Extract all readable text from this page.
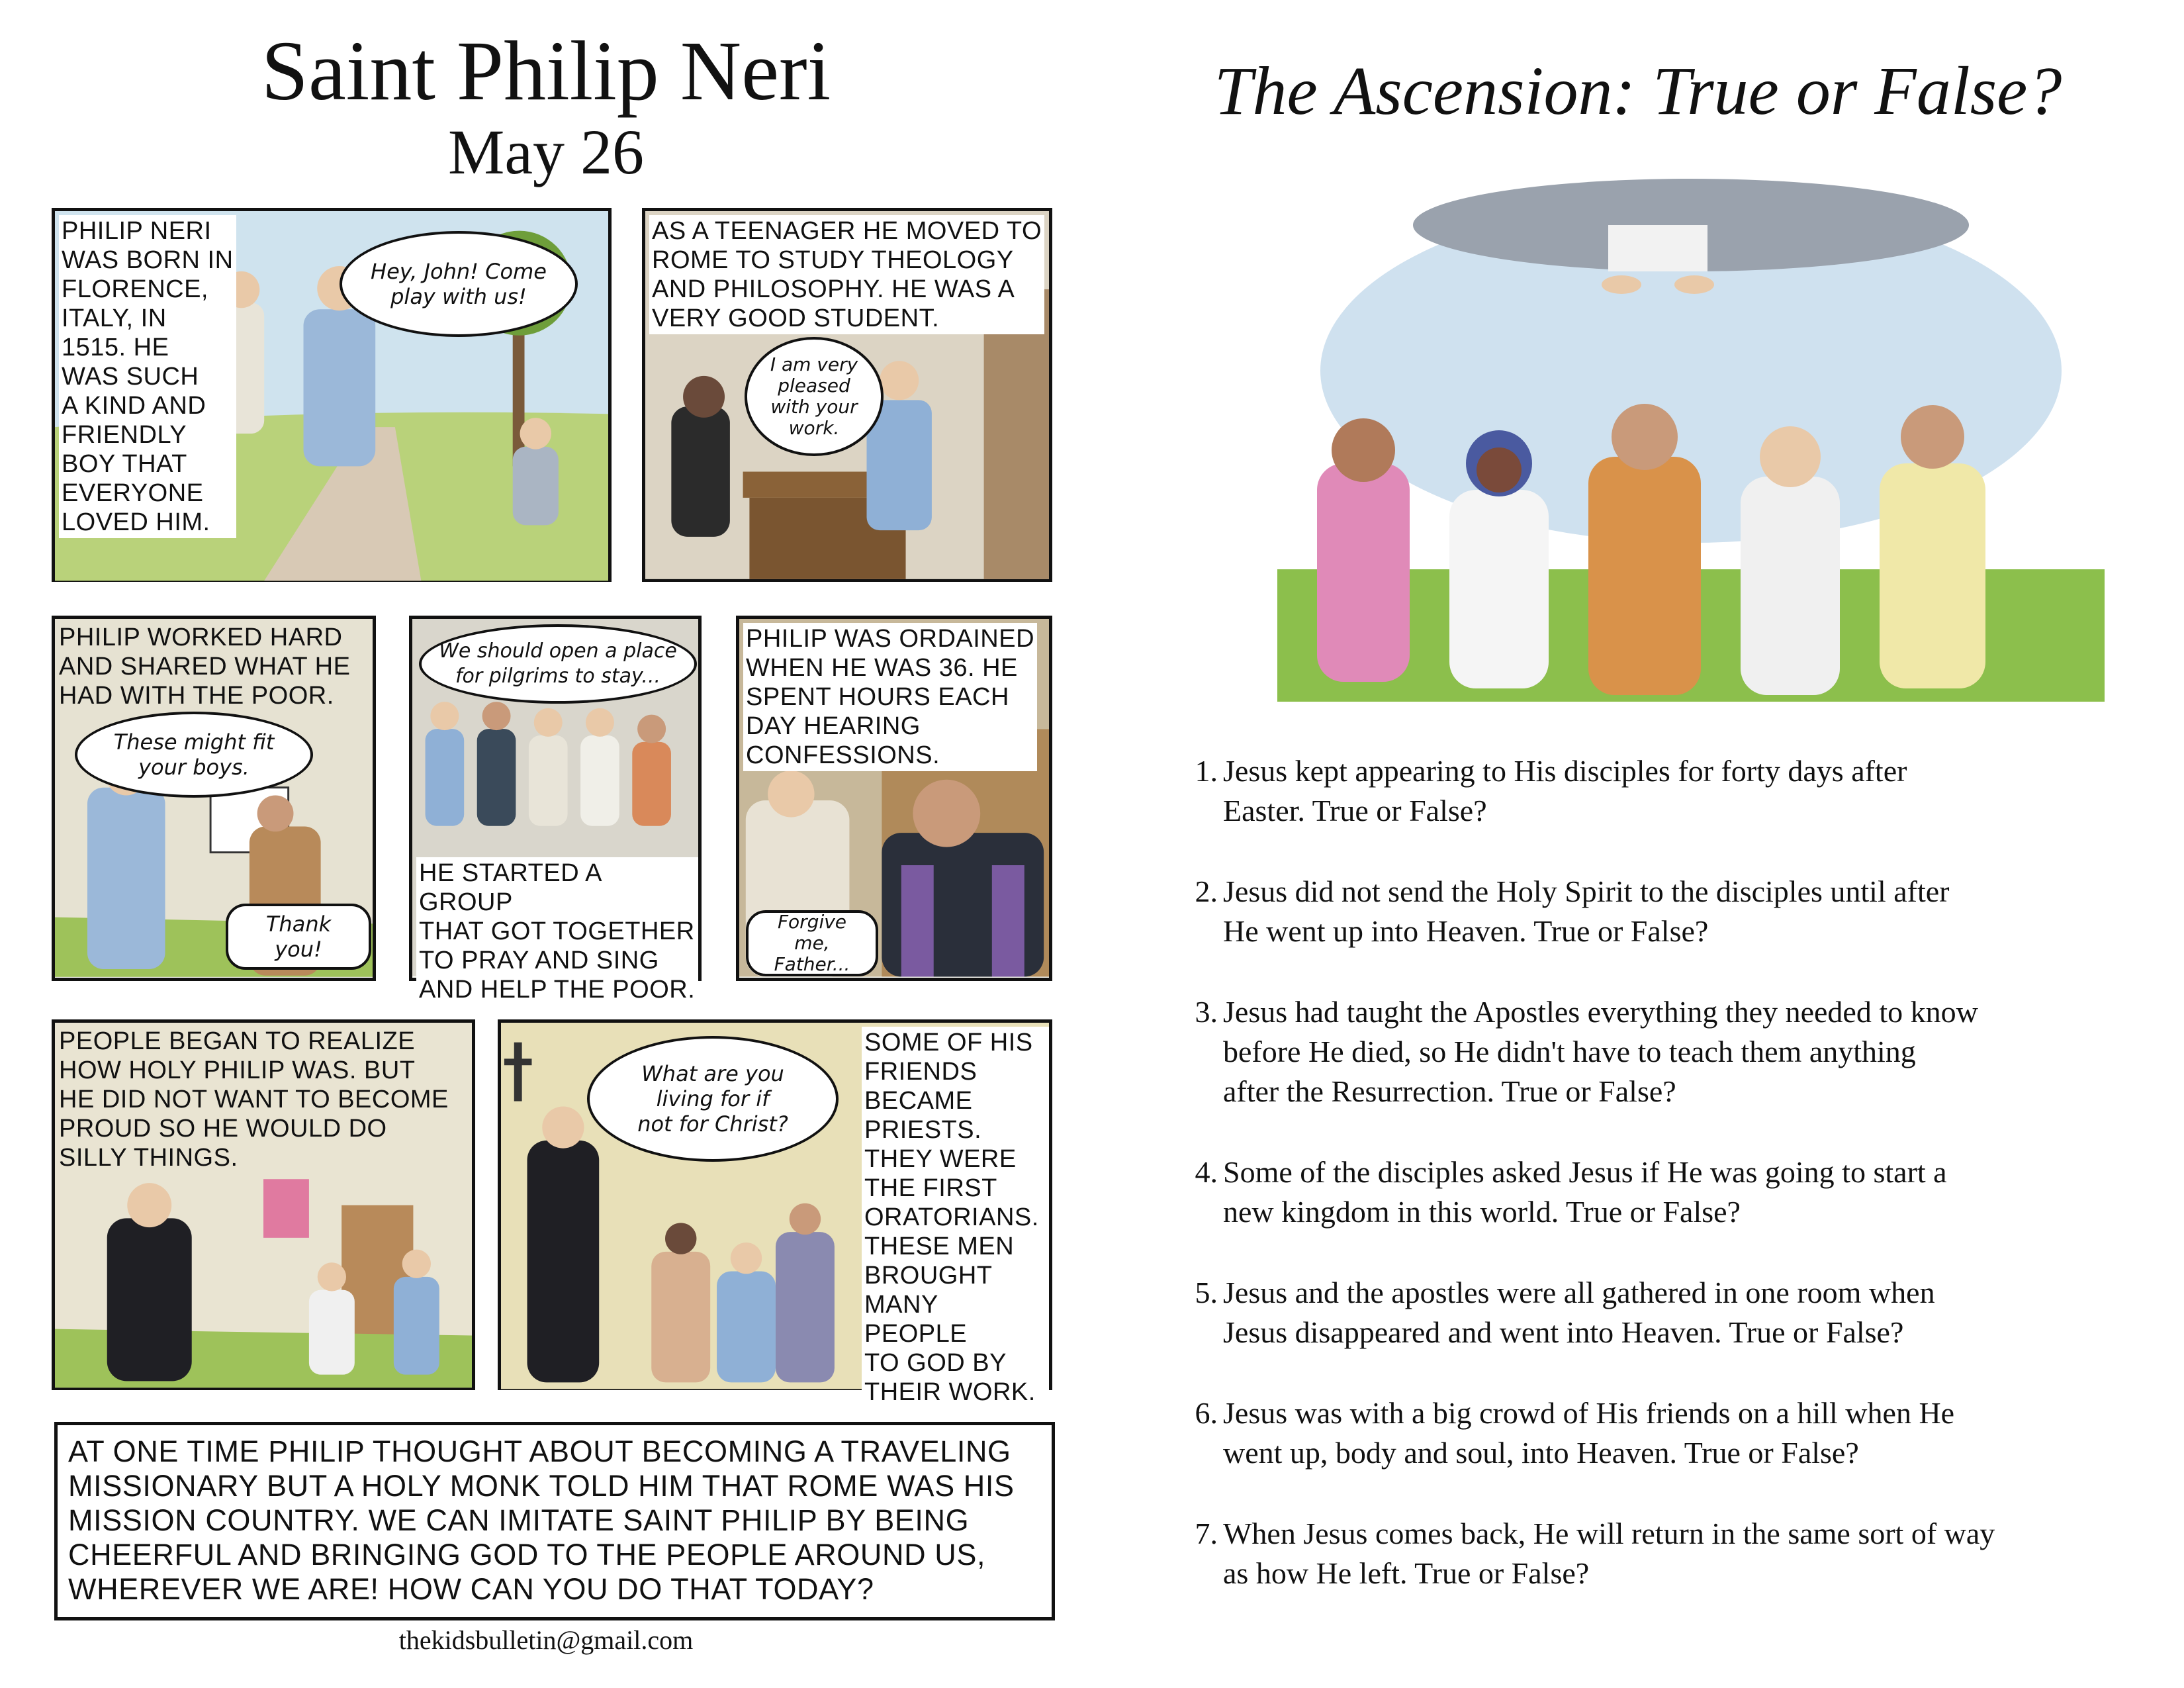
Saint Philip Neri
May 26
PHILIP NERI
WAS BORN IN
FLORENCE,
ITALY, IN
1515. HE
WAS SUCH
A KIND AND
FRIENDLY
BOY THAT
EVERYONE
LOVED HIM.
Hey, John! Come
play with us!
AS A TEENAGER HE MOVED TO
ROME TO STUDY THEOLOGY
AND PHILOSOPHY. HE WAS A
VERY GOOD STUDENT.
I am very
pleased
with your
work.
PHILIP WORKED HARD
AND SHARED WHAT HE
HAD WITH THE POOR.
These might fit
your boys.
Thank you!
We should open a place
for pilgrims to stay...
HE STARTED A GROUP
THAT GOT TOGETHER
TO PRAY AND SING
AND HELP THE POOR.
PHILIP WAS ORDAINED
WHEN HE WAS 36. HE
SPENT HOURS EACH
DAY HEARING
CONFESSIONS.
Forgive me,
Father...
PEOPLE BEGAN TO REALIZE
HOW HOLY PHILIP WAS. BUT
HE DID NOT WANT TO BECOME
PROUD SO HE WOULD DO
SILLY THINGS.
What are you
living for if
not for Christ?
SOME OF HIS
FRIENDS
BECAME
PRIESTS.
THEY WERE
THE FIRST
ORATORIANS.
THESE MEN
BROUGHT
MANY PEOPLE
TO GOD BY
THEIR WORK.
AT ONE TIME PHILIP THOUGHT ABOUT BECOMING A TRAVELING MISSIONARY BUT A HOLY MONK TOLD HIM THAT ROME WAS HIS MISSION COUNTRY. WE CAN IMITATE SAINT PHILIP BY BEING CHEERFUL AND BRINGING GOD TO THE PEOPLE AROUND US, WHEREVER WE ARE! HOW CAN YOU DO THAT TODAY?
thekidsbulletin@gmail.com
The Ascension: True or False?
1. Jesus kept appearing to His disciples for forty days after
Easter. True or False?
2. Jesus did not send the Holy Spirit to the disciples until after
He went up into Heaven. True or False?
3. Jesus had taught the Apostles everything they needed to know
before He died, so He didn't have to teach them anything
after the Resurrection. True or False?
4. Some of the disciples asked Jesus if He was going to start a
new kingdom in this world. True or False?
5. Jesus and the apostles were all gathered in one room when
Jesus disappeared and went into Heaven. True or False?
6. Jesus was with a big crowd of His friends on a hill when He
went up, body and soul, into Heaven. True or False?
7. When Jesus comes back, He will return in the same sort of way
as how He left. True or False?
